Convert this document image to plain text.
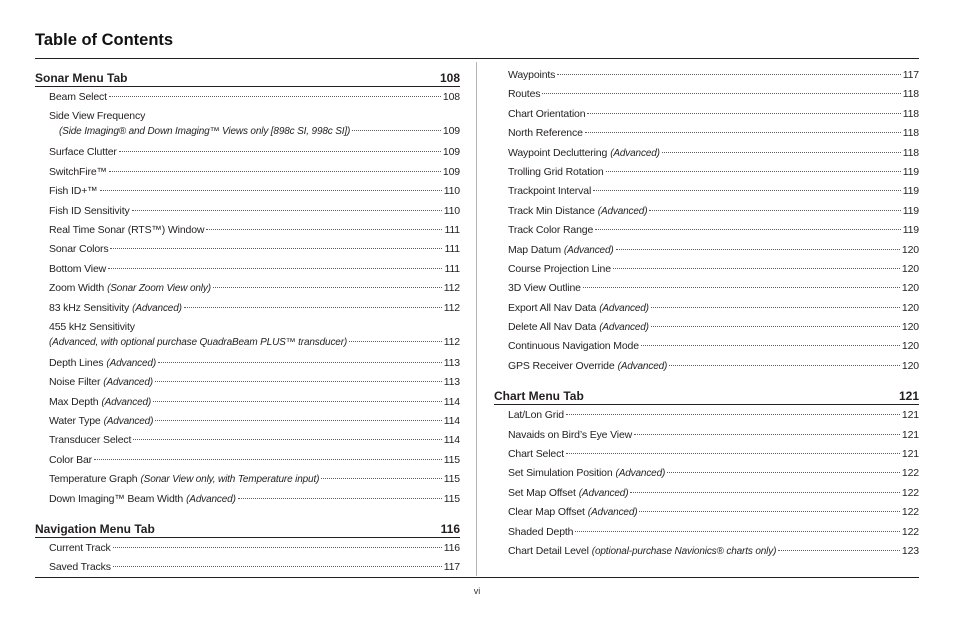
Table of Contents
Sonar Menu Tab	108
Beam Select	108
Side View Frequency
(Side Imaging® and Down Imaging™ Views only [898c SI, 998c SI])	109
Surface Clutter	109
SwitchFire™	109
Fish ID+™	110
Fish ID Sensitivity	110
Real Time Sonar (RTS™) Window	111
Sonar Colors	111
Bottom View	111
Zoom Width (Sonar Zoom View only)	112
83 kHz Sensitivity (Advanced)	112
455 kHz Sensitivity
(Advanced, with optional purchase QuadraBeam PLUS™ transducer)	112
Depth Lines (Advanced)	113
Noise Filter (Advanced)	113
Max Depth (Advanced)	114
Water Type (Advanced)	114
Transducer Select	114
Color Bar	115
Temperature Graph (Sonar View only, with Temperature input)	115
Down Imaging™ Beam Width (Advanced)	115
Navigation Menu Tab	116
Current Track	116
Saved Tracks	117
Waypoints	117
Routes	118
Chart Orientation	118
North Reference	118
Waypoint Decluttering (Advanced)	118
Trolling Grid Rotation	119
Trackpoint Interval	119
Track Min Distance (Advanced)	119
Track Color Range	119
Map Datum (Advanced)	120
Course Projection Line	120
3D View Outline	120
Export All Nav Data (Advanced)	120
Delete All Nav Data (Advanced)	120
Continuous Navigation Mode	120
GPS Receiver Override (Advanced)	120
Chart Menu Tab	121
Lat/Lon Grid	121
Navaids on Bird’s Eye View	121
Chart Select	121
Set Simulation Position (Advanced)	122
Set Map Offset (Advanced)	122
Clear Map Offset (Advanced)	122
Shaded Depth	122
Chart Detail Level (optional-purchase Navionics® charts only)	123
vi
